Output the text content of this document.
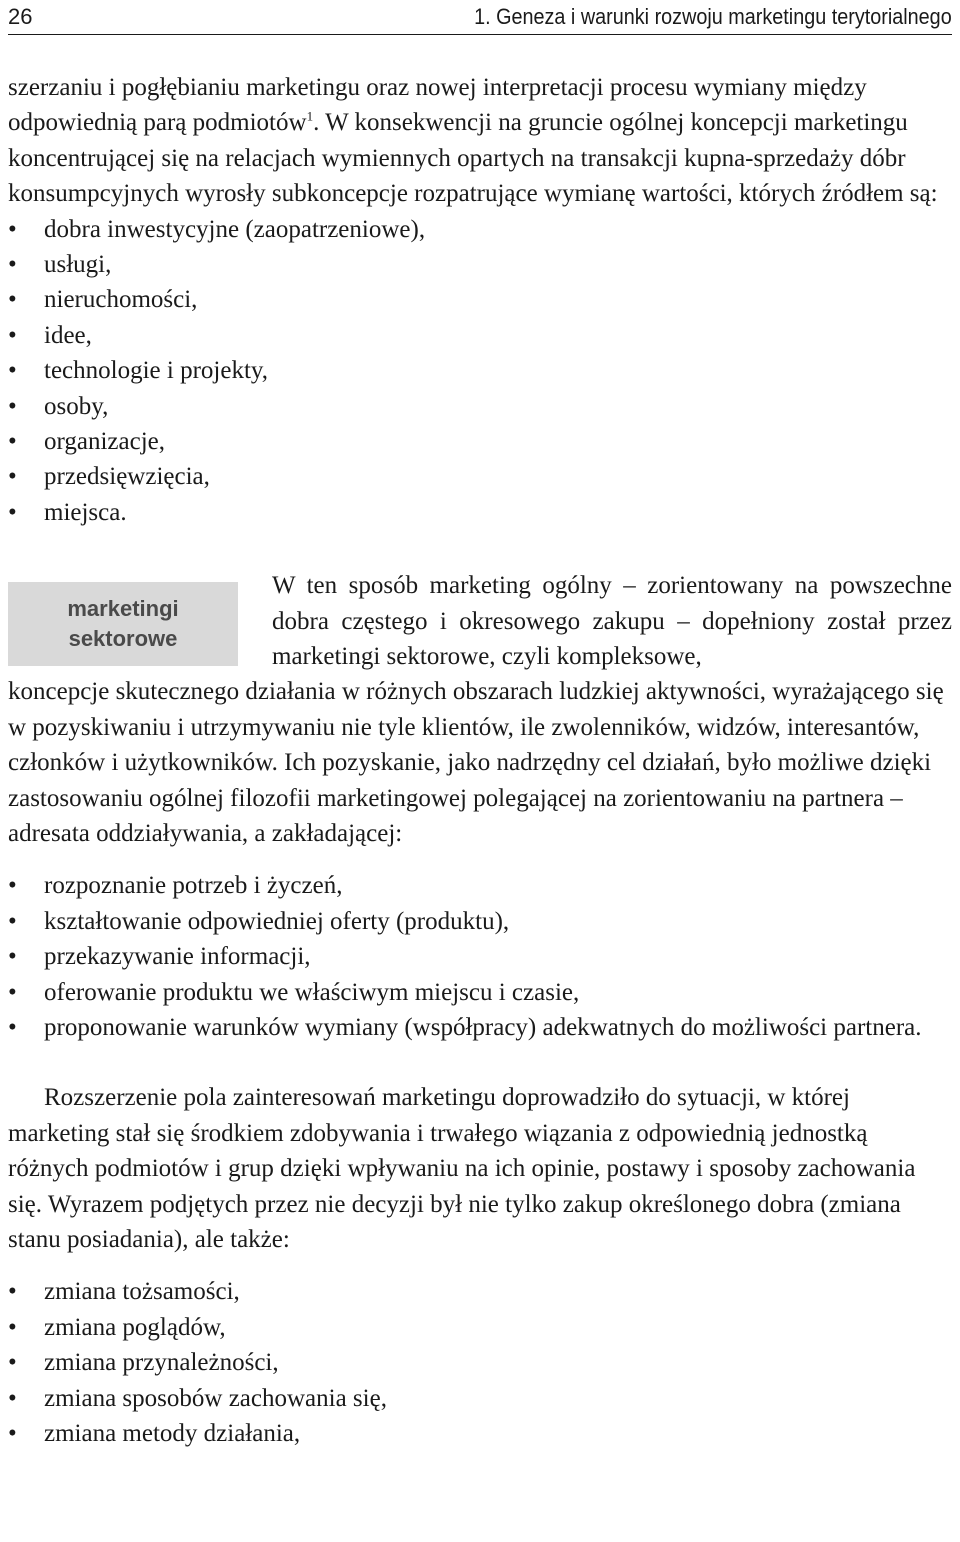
26	1. Geneza i warunki rozwoju marketingu terytorialnego

szerzaniu i pogłębianiu marketingu oraz nowej interpretacji procesu wymiany między odpowiednią parą podmiotów$^1$. W konsekwencji na gruncie ogólnej koncepcji marketingu koncentrującej się na relacjach wymiennych opartych na transakcji kupna-sprzedaży dóbr konsumpcyjnych wyrosły subkoncepcje rozpatrujące wymianę wartości, których źródłem są:

• dobra inwestycyjne (zaopatrzeniowe),
• usługi,
• nieruchomości,
• idee,
• technologie i projekty,
• osoby,
• organizacje,
• przedsięwzięcia,
• miejsca.
marketingi
sektorowe

W ten sposób marketing ogólny – zorientowany na powszechne dobra częstego i okresowego zakupu – dopełniony został przez marketingi sektorowe, czyli kompleksowe,

koncepcje skutecznego działania w różnych obszarach ludzkiej aktywności, wyrażającego się w pozyskiwaniu i utrzymywaniu nie tyle klientów, ile zwolenników, widzów, interesantów, członków i użytkowników. Ich pozyskanie, jako nadrzędny cel działań, było możliwe dzięki zastosowaniu ogólnej filozofii marketingowej polegającej na zorientowaniu na partnera – adresata oddziaływania, a zakładającej:

• rozpoznanie potrzeb i życzeń,
• kształtowanie odpowiedniej oferty (produktu),
• przekazywanie informacji,
• oferowanie produktu we właściwym miejscu i czasie,
• proponowanie warunków wymiany (współpracy) adekwatnych do możliwości partnera.

Rozszerzenie pola zainteresowań marketingu doprowadziło do sytuacji, w której marketing stał się środkiem zdobywania i trwałego wiązania z odpowiednią jednostką różnych podmiotów i grup dzięki wpływaniu na ich opinie, postawy i sposoby zachowania się. Wyrazem podjętych przez nie decyzji był nie tylko zakup określonego dobra (zmiana stanu posiadania), ale także:

• zmiana tożsamości,
• zmiana poglądów,
• zmiana przynależności,
• zmiana sposobów zachowania się,
• zmiana metody działania,
